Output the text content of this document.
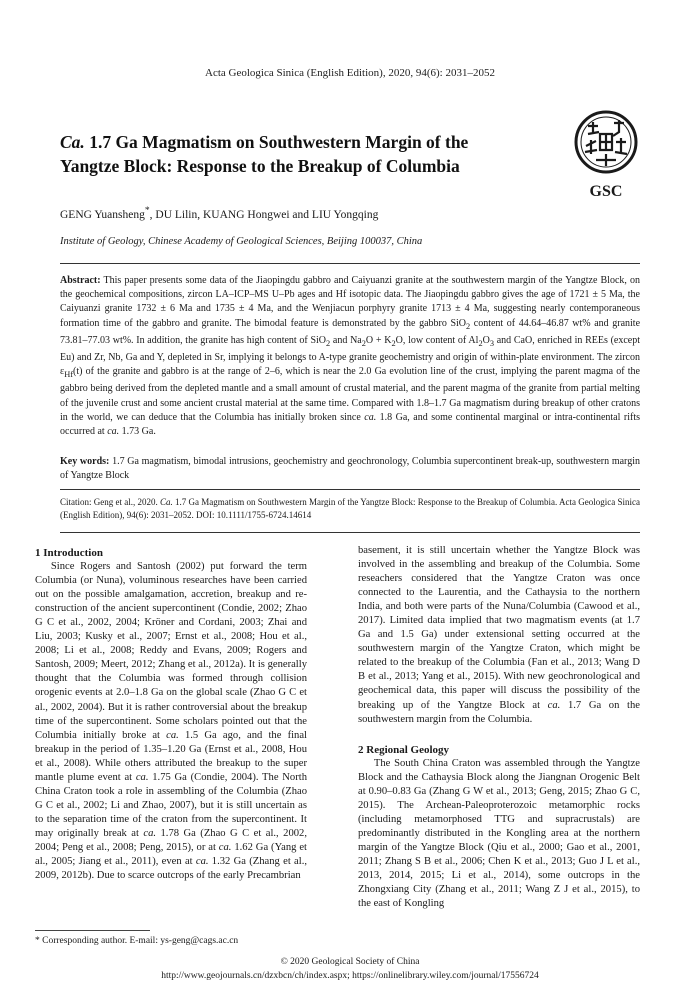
Acta Geologica Sinica (English Edition), 2020, 94(6): 2031–2052
Ca. 1.7 Ga Magmatism on Southwestern Margin of the
Yangtze Block: Response to the Breakup of Columbia
GSC
GENG Yuansheng*, DU Lilin, KUANG Hongwei and LIU Yongqing
Institute of Geology, Chinese Academy of Geological Sciences, Beijing 100037, China
Abstract: This paper presents some data of the Jiaopingdu gabbro and Caiyuanzi granite at the southwestern margin of the Yangtze Block, on the geochemical compositions, zircon LA–ICP–MS U–Pb ages and Hf isotopic data. The Jiaopingdu gabbro gives the age of 1721 ± 5 Ma, the Caiyuanzi granite 1732 ± 6 Ma and 1735 ± 4 Ma, and the Wenjiacun porphyry granite 1713 ± 4 Ma, suggesting nearly contemporaneous formation time of the gabbro and granite. The bimodal feature is demonstrated by the gabbro SiO$_2$ content of 44.64–46.87 wt% and granite 73.81–77.03 wt%. In addition, the granite has high content of SiO$_2$ and $Na_2O + K_2O$, low content of $Al_2O_3$ and CaO, enriched in REEs (except Eu) and Zr, Nb, Ga and Y, depleted in Sr, implying it belongs to A-type granite geochemistry and origin of within-plate environment. The zircon $\varepsilon_{Hf}(t)$ of the granite and gabbro is at the range of 2–6, which is near the 2.0 Ga evolution line of the crust, implying the parent magma of the gabbro being derived from the depleted mantle and a small amount of crustal material, and the parent magma of the granite from partial melting of the juvenile crust and some ancient crustal material at the same time. Compared with 1.8–1.7 Ga magmatism during breakup of other cratons in the world, we can deduce that the Columbia has initially broken since ca. 1.8 Ga, and some continental marginal or intra-continental rifts occurred at ca. 1.73 Ga.
Key words: 1.7 Ga magmatism, bimodal intrusions, geochemistry and geochronology, Columbia supercontinent break-up, southwestern margin of Yangtze Block
Citation: Geng et al., 2020. Ca. 1.7 Ga Magmatism on Southwestern Margin of the Yangtze Block: Response to the Breakup of Columbia. Acta Geologica Sinica (English Edition), 94(6): 2031–2052. DOI: 10.1111/1755-6724.14614

1 Introduction

Since Rogers and Santosh (2002) put forward the term Columbia (or Nuna), voluminous researches have been carried out on the possible amalgamation, accretion, breakup and re-construction of the ancient supercontinent (Condie, 2002; Zhao G C et al., 2002, 2004; Kröner and Cordani, 2003; Zhai and Liu, 2003; Kusky et al., 2007; Ernst et al., 2008; Hou et al., 2008; Li et al., 2008; Reddy and Evans, 2009; Rogers and Santosh, 2009; Meert, 2012; Zhang et al., 2012a). It is generally thought that the Columbia was formed through collision orogenic events at 2.0–1.8 Ga on the global scale (Zhao G C et al., 2002, 2004). But it is rather controversial about the breakup time of the supercontinent. Some scholars pointed out that the Columbia initially broke at ca. 1.5 Ga ago, and the final breakup in the period of 1.35–1.20 Ga (Ernst et al., 2008, Hou et al., 2008). While others attributed the breakup to the super mantle plume event at ca. 1.75 Ga (Condie, 2004). The North China Craton took a role in assembling of the Columbia (Zhao G C et al., 2002; Li and Zhao, 2007), but it is still uncertain as to the separation time of the craton from the supercontinent. It may originally break at ca. 1.78 Ga (Zhao G C et al., 2002, 2004; Peng et al., 2008; Peng, 2015), or at ca. 1.62 Ga (Yang et al., 2005; Jiang et al., 2011), even at ca. 1.32 Ga (Zhang et al., 2009, 2012b). Due to scarce outcrops of the early Precambrian

basement, it is still uncertain whether the Yangtze Block was involved in the assembling and breakup of the Columbia. Some reseachers considered that the Yangtze Craton was once connected to the Laurentia, and the Cathaysia to the northern India, and both were parts of the Nuna/Columbia (Cawood et al., 2017). Limited data implied that two magmatism events (at 1.7 Ga and 1.5 Ga) under extensional setting occurred at the southwestern margin of the Yangtze Craton, which might be related to the breakup of the Columbia (Fan et al., 2013; Wang D B et al., 2013; Yang et al., 2015). With new geochronological and geochemical data, this paper will discuss the possibility of the breaking up of the Yangtze Block at ca. 1.7 Ga on the southwestern margin from the Columbia.

2 Regional Geology

The South China Craton was assembled through the Yangtze Block and the Cathaysia Block along the Jiangnan Orogenic Belt at 0.90–0.83 Ga (Zhang G W et al., 2013; Geng, 2015; Zhao G C, 2015). The Archean-Paleoproterozoic metamorphic rocks (including metamorphosed TTG and supracrustals) are predominantly distributed in the Kongling area at the northern margin of the Yangtze Block (Qiu et al., 2000; Gao et al., 2001, 2011; Zhang S B et al., 2006; Chen K et al., 2013; Guo J L et al., 2013, 2014, 2015; Li et al., 2014), some outcrops in the Zhongxiang City (Zhang et al., 2011; Wang Z J et al., 2015), to the east of Kongling

* Corresponding author. E-mail: ys-geng@cags.ac.cn
© 2020 Geological Society of China
http://www.geojournals.cn/dzxbcn/ch/index.aspx; https://onlinelibrary.wiley.com/journal/17556724
